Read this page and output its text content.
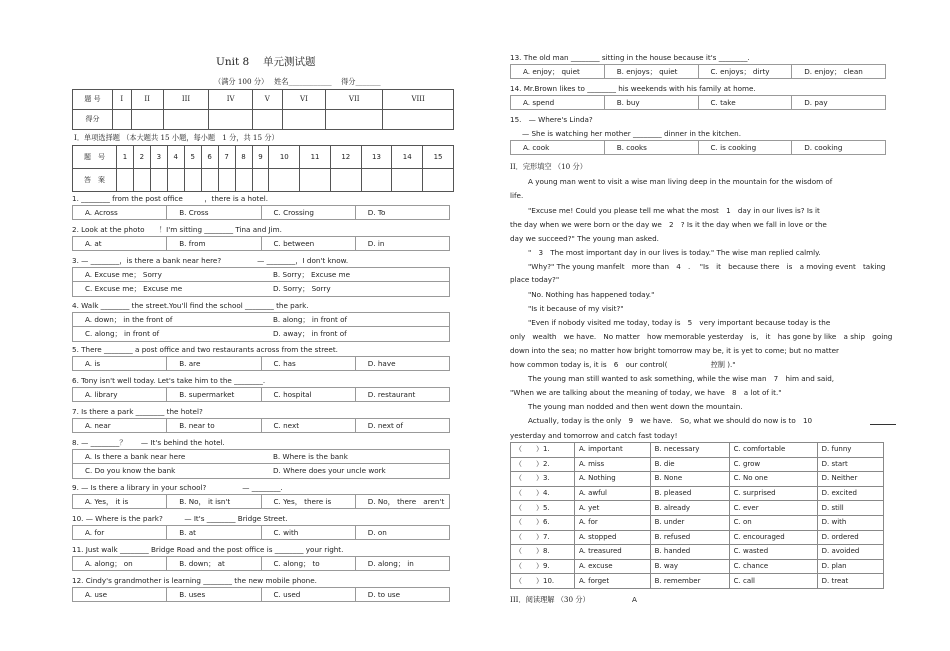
Unit 8　 单元测试题
（满分 100 分）　 姓名____________　 得分_______
题 号	I	II	III	IV	V	VI	VII	VIII
得分								
I．单项选择题 （本大题共 15 小题，每小题　1 分，共 15 分）
题　号	1	2	3	4	5	6	7	8	9	10	11	12	13	14	15
答　案															
1. ________ from the post office　　　，there is a hotel.
A. Across	B. Cross	C. Crossing	D. To
2. Look at the photo　　！I'm sitting ________ Tina and Jim.
A. at	B. from	C. between	D. in
3. — ________，is there a bank near here?　　　　　— ________，I don't know.
A. Excuse me； Sorry	B. Sorry； Excuse me
C. Excuse me； Excuse me	D. Sorry； Sorry
4. Walk ________ the street.You'll find the school ________ the park.
A. down； in the front of	B. along； in front of
C. along； in front of	D. away； in front of
5. There ________ a post office and two restaurants across from the street.
A. is	B. are	C. has	D. have
6. Tony isn't well today. Let's take him to the ________.
A. library	B. supermarket	C. hospital	D. restaurant
7. Is there a park ________ the hotel?
A. near	B. near to	C. next	D. next of
8. — ________？　　— It's behind the hotel.
A. Is there a bank near here	B. Where is the bank
C. Do you know the bank	D. Where does your uncle work
9. — Is there a library in your school?　　　　　— ________.
A. Yes， it is	B. No， it isn't	C. Yes， there is	D. No， there　aren't
10. — Where is the park?　　　— It's ________ Bridge Street.
A. for	B. at	C. with	D. on
11. Just walk ________ Bridge Road and the post office is ________ your right.
A. along； on	B. down； at	C. along； to	D. along； in
12. Cindy's grandmother is learning ________ the new mobile phone.
A. use	B. uses	C. used	D. to use
13. The old man ________ sitting in the house because it's ________.
A. enjoy； quiet	B. enjoys； quiet	C. enjoys； dirty	D. enjoy； clean
14. Mr.Brown likes to ________ his weekends with his family at home.
A. spend	B. buy	C. take	D. pay
15.　— Where's Linda?
— She is watching her mother ________ dinner in the kitchen.
A. cook	B. cooks	C. is cooking	D. cooking
II．完形填空 （10 分）
A young man went to visit a wise man living deep in the mountain for the wisdom of
life.
"Excuse me! Could you please tell me what the most　1　day in our lives is? Is it
the day when we were born or the day we　2　? Is it the day when we fall in love or the
day we succeed?" The young man asked.
"　3　The most important day in our lives is today." The wise man replied calmly.
"Why?" The young manfelt　more than　4　.　 "Is　it　because there　is　a moving event　taking
place today?"
"No. Nothing has happened today."
"Is it because of my visit?"
"Even if nobody visited me today, today is　5　very important because today is the
only　wealth　we have.　No matter　how memorable yesterday　is,　it　has gone by like　a ship　going
down into the sea; no matter how bright tomorrow may be, it is yet to come; but no matter
how common today is, it is　6　our control(　　　　　　控制 )."
The young man still wanted to ask something, while the wise man　7　him and said,
"When we are talking about the meaning of today, we have　8　a lot of it."
The young man nodded and then went down the mountain.
Actually, today is the only　9　we have.　So, what we should do now is to　10
yesterday and tomorrow and catch fast today!
（　　）1.	A. important	B. necessary	C. comfortable	D. funny
（　　）2.	A. miss	B. die	C. grow	D. start
（　　）3.	A. Nothing	B. None	C. No one	D. Neither
（　　）4.	A. awful	B. pleased	C. surprised	D. excited
（　　）5.	A. yet	B. already	C. ever	D. still
（　　）6.	A. for	B. under	C. on	D. with
（　　）7.	A. stopped	B. refused	C. encouraged	D. ordered
（　　）8.	A. treasured	B. handed	C. wasted	D. avoided
（　　）9.	A. excuse	B. way	C. chance	D. plan
（　　）10.	A. forget	B. remember	C. call	D. treat
III．阅读理解 （30 分）	A
